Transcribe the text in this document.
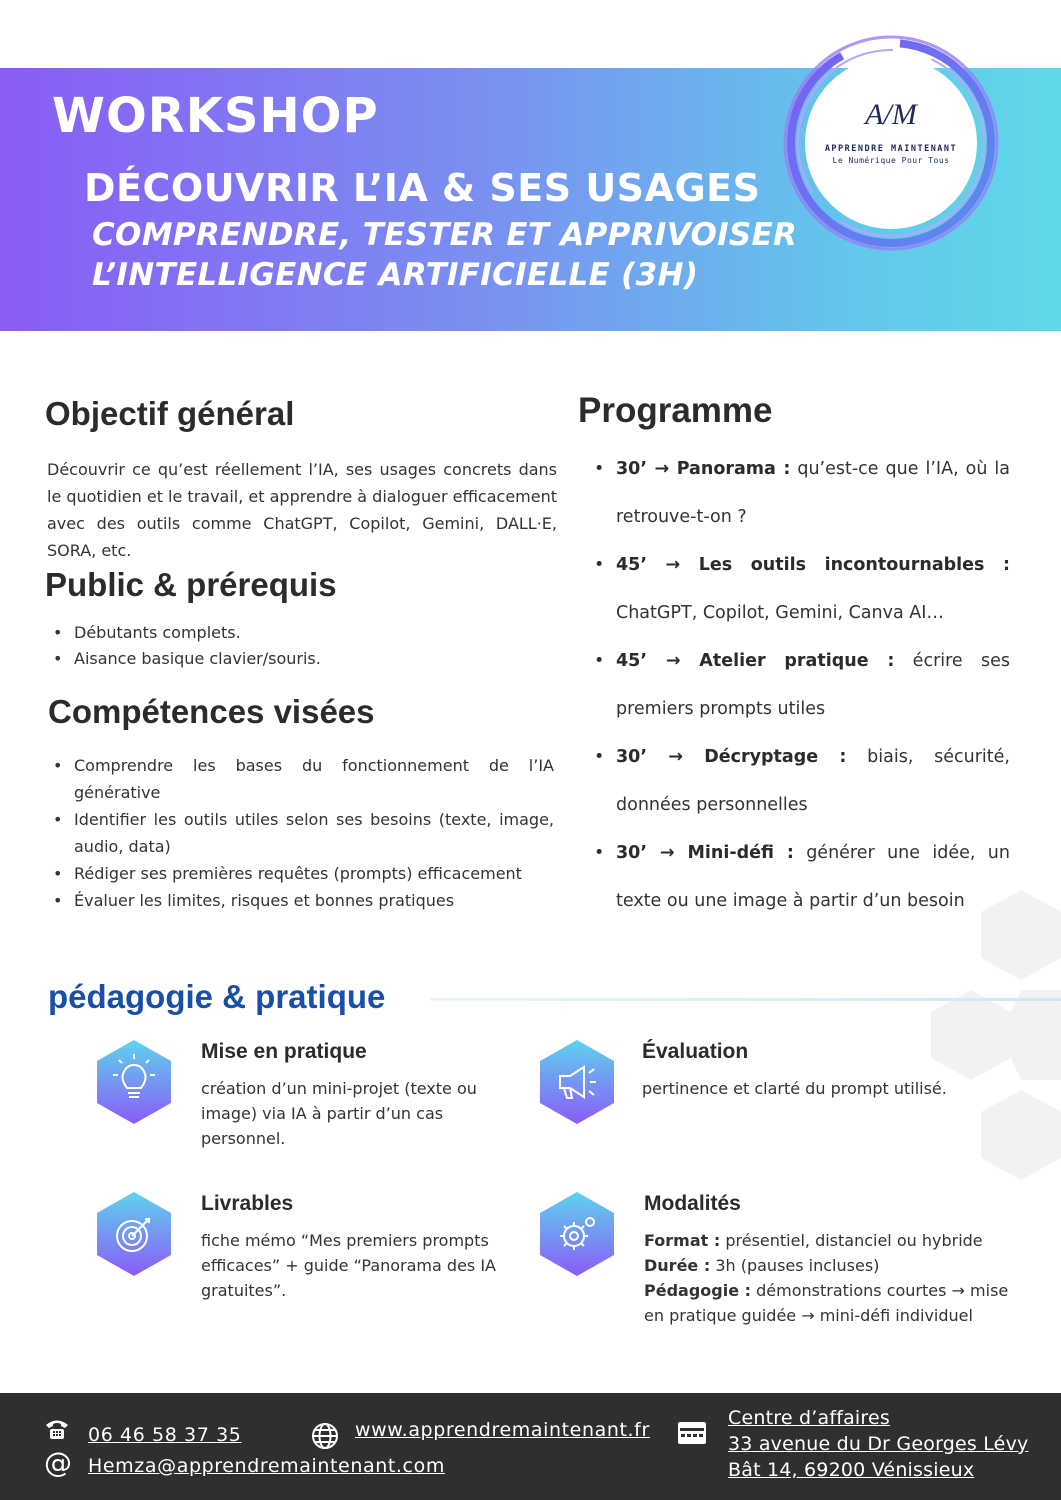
WORKSHOP
DÉCOUVRIR L’IA & SES USAGES
COMPRENDRE, TESTER ET APPRIVOISER
L’INTELLIGENCE ARTIFICIELLE (3H)
A/M
APPRENDRE MAINTENANT
Le Numérique Pour Tous
Objectif général
Découvrir ce qu’est réellement l’IA, ses usages concrets dans le quotidien et le travail, et apprendre à dialoguer efficacement avec des outils comme ChatGPT, Copilot, Gemini, DALL·E, SORA, etc.
Public & prérequis
• Débutants complets.
• Aisance basique clavier/souris.
Compétences visées
• Comprendre les bases du fonctionnement de l’IA générative
• Identifier les outils utiles selon ses besoins (texte, image, audio, data)
• Rédiger ses premières requêtes (prompts) efficacement
• Évaluer les limites, risques et bonnes pratiques
Programme
• 30’ → Panorama : qu’est-ce que l’IA, où la retrouve-t-on ?
• 45’ → Les outils incontournables : ChatGPT, Copilot, Gemini, Canva AI…
• 45’ → Atelier pratique : écrire ses premiers prompts utiles
• 30’ → Décryptage : biais, sécurité, données personnelles
• 30’ → Mini-défi : générer une idée, un texte ou une image à partir d’un besoin
pédagogie & pratique
Mise en pratique
création d’un mini-projet (texte ou image) via IA à partir d’un cas personnel.
Évaluation
pertinence et clarté du prompt utilisé.
Livrables
fiche mémo “Mes premiers prompts efficaces” + guide “Panorama des IA gratuites”.
Modalités
Format : présentiel, distanciel ou hybride
Durée : 3h (pauses incluses)
Pédagogie : démonstrations courtes → mise en pratique guidée → mini-défi individuel
06 46 58 37 35
@ Hemza@apprendremaintenant.com
www.apprendremaintenant.fr
Centre d’affaires
33 avenue du Dr Georges Lévy
Bât 14, 69200 Vénissieux
